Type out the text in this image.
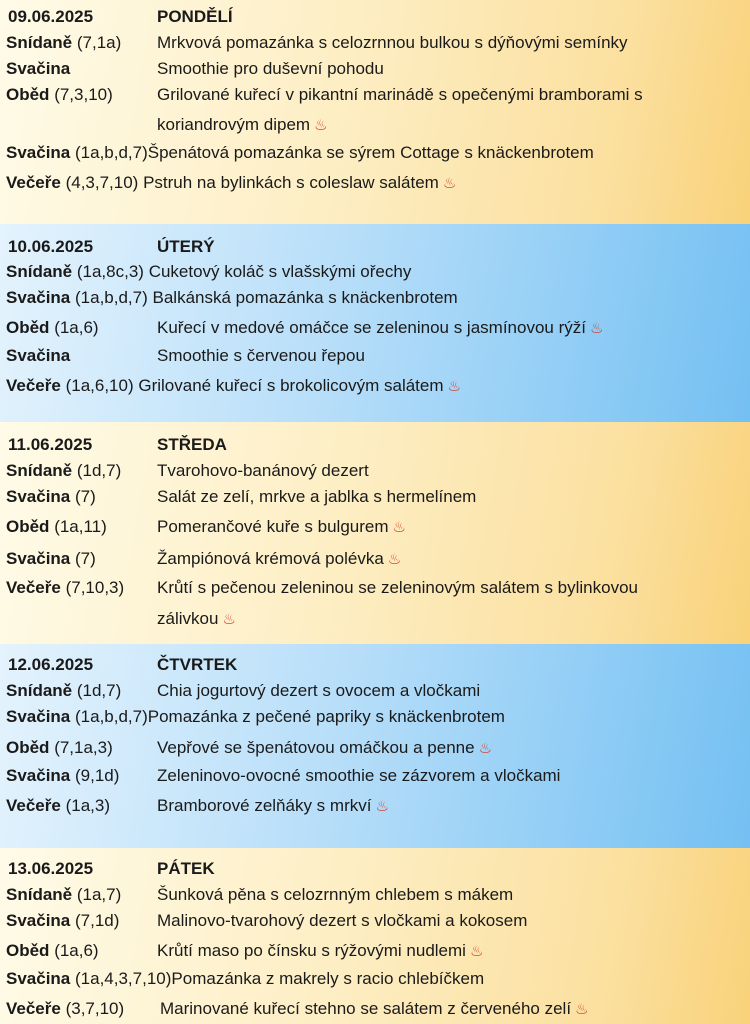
09.06.2025	PONDĚLÍ
Snídaně (7,1a) Mrkvová pomazánka s celozrnnou bulkou s dýňovými semínky
Svačina	Smoothie pro duševní pohodu
Oběd (7,3,10)	Grilované kuřecí v pikantní marinádě s opečenými bramborami s
koriandrovým dipem ♨
Svačina (1a,b,d,7)Špenátová pomazánka se sýrem Cottage s knäckenbrotem
Večeře (4,3,7,10) Pstruh na bylinkách s coleslaw salátem ♨
10.06.2025	ÚTERÝ
Snídaně (1a,8c,3) Cuketový koláč s vlašskými ořechy
Svačina (1a,b,d,7) Balkánská pomazánka s knäckenbrotem
Oběd (1a,6)	Kuřecí v medové omáčce se zeleninou s jasmínovou rýží ♨
Svačina	Smoothie s červenou řepou
Večeře (1a,6,10) Grilované kuřecí s brokolicovým salátem ♨
11.06.2025	STŘEDA
Snídaně (1d,7) Tvarohovo-banánový dezert
Svačina (7)	Salát ze zelí, mrkve a jablka s hermelínem
Oběd (1a,11)	Pomerančové kuře s bulgurem ♨
Svačina (7)	Žampiónová krémová polévka ♨
Večeře (7,10,3) Krůtí s pečenou zeleninou se zeleninovým salátem s bylinkovou
zálivkou ♨
12.06.2025	ČTVRTEK
Snídaně (1d,7) Chia jogurtový dezert s ovocem a vločkami
Svačina (1a,b,d,7)Pomazánka z pečené papriky s knäckenbrotem
Oběd (7,1a,3)	Vepřové se špenátovou omáčkou a penne ♨
Svačina (9,1d) Zeleninovo-ovocné smoothie se zázvorem a vločkami
Večeře (1a,3)	Bramborové zelňáky s mrkví ♨
13.06.2025	PÁTEK
Snídaně (1a,7) Šunková pěna s celozrnným chlebem s mákem
Svačina (7,1d) Malinovo-tvarohový dezert s vločkami a kokosem
Oběd (1a,6)	Krůtí maso po čínsku s rýžovými nudlemi ♨
Svačina (1a,4,3,7,10)Pomazánka z makrely s racio chlebíčkem
Večeře (3,7,10) Marinované kuřecí stehno se salátem z červeného zelí ♨
